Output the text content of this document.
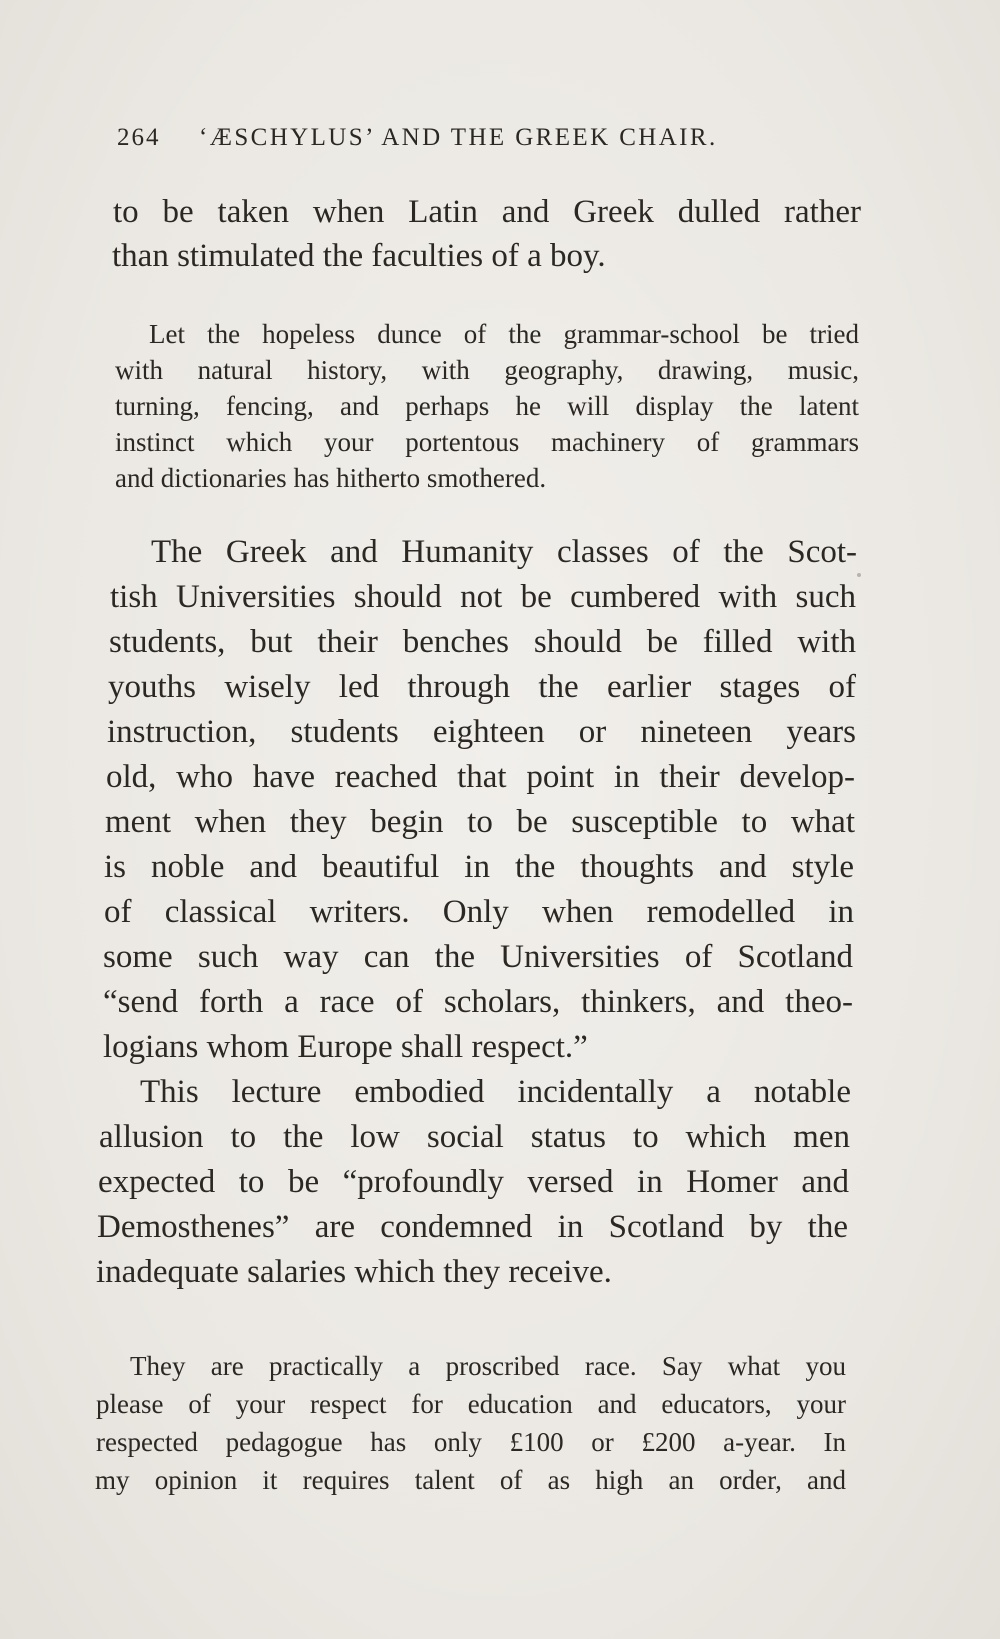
264 ‘ÆSCHYLUS’ AND THE GREEK CHAIR.
to be taken when Latin and Greek dulled rather
than stimulated the faculties of a boy.
Let the hopeless dunce of the grammar-school be tried
with natural history, with geography, drawing, music,
turning, fencing, and perhaps he will display the latent
instinct which your portentous machinery of grammars
and dictionaries has hitherto smothered.
The Greek and Humanity classes of the Scot-
tish Universities should not be cumbered with such
students, but their benches should be filled with
youths wisely led through the earlier stages of
instruction, students eighteen or nineteen years
old, who have reached that point in their develop-
ment when they begin to be susceptible to what
is noble and beautiful in the thoughts and style
of classical writers. Only when remodelled in
some such way can the Universities of Scotland
“send forth a race of scholars, thinkers, and theo-
logians whom Europe shall respect.”
This lecture embodied incidentally a notable
allusion to the low social status to which men
expected to be “profoundly versed in Homer and
Demosthenes” are condemned in Scotland by the
inadequate salaries which they receive.
They are practically a proscribed race. Say what you
please of your respect for education and educators, your
respected pedagogue has only £100 or £200 a-year. In
my opinion it requires talent of as high an order, and
